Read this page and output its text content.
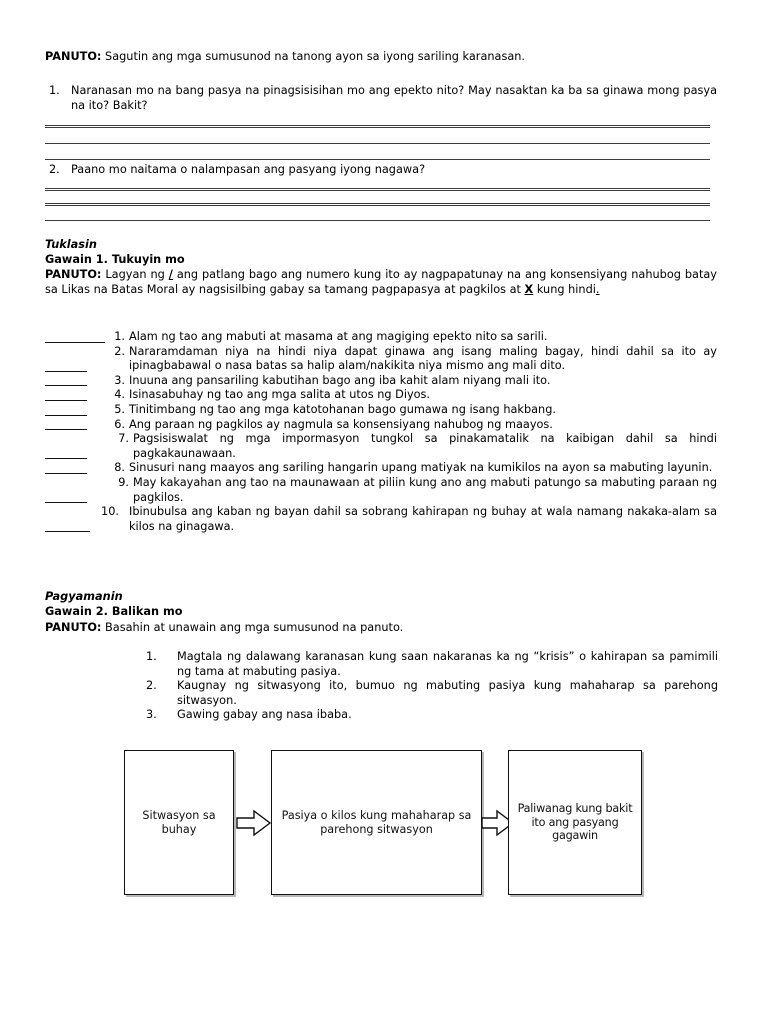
PANUTO: Sagutin ang mga sumusunod na tanong ayon sa iyong sariling karanasan.
1. Naranasan mo na bang pasya na pinagsisisihan mo ang epekto nito? May nasaktan ka ba sa ginawa mong pasya na ito? Bakit?
2. Paano mo naitama o nalampasan ang pasyang iyong nagawa?
Tuklasin
Gawain 1. Tukuyin mo
PANUTO: Lagyan ng / ang patlang bago ang numero kung ito ay nagpapatunay na ang konsensiyang nahubog batay sa Likas na Batas Moral ay nagsisilbing gabay sa tamang pagpapasya at pagkilos at X kung hindi.
1. Alam ng tao ang mabuti at masama at ang magiging epekto nito sa sarili.
2. Nararamdaman niya na hindi niya dapat ginawa ang isang maling bagay, hindi dahil sa ito ay ipinagbabawal o nasa batas sa halip alam/nakikita niya mismo ang mali dito.
3. Inuuna ang pansariling kabutihan bago ang iba kahit alam niyang mali ito.
4. Isinasabuhay ng tao ang mga salita at utos ng Diyos.
5. Tinitimbang ng tao ang mga katotohanan bago gumawa ng isang hakbang.
6. Ang paraan ng pagkilos ay nagmula sa konsensiyang nahubog ng maayos.
7. Pagsisiswalat ng mga impormasyon tungkol sa pinakamatalik na kaibigan dahil sa hindi pagkakaunawaan.
8. Sinusuri nang maayos ang sariling hangarin upang matiyak na kumikilos na ayon sa mabuting layunin.
9. May kakayahan ang tao na maunawaan at piliin kung ano ang mabuti patungo sa mabuting paraan ng pagkilos.
10. Ibinubulsa ang kaban ng bayan dahil sa sobrang kahirapan ng buhay at wala namang nakaka-alam sa kilos na ginagawa.
Pagyamanin
Gawain 2. Balikan mo
PANUTO: Basahin at unawain ang mga sumusunod na panuto.
1.	Magtala ng dalawang karanasan kung saan nakaranas ka ng “krisis” o kahirapan sa pamimili ng tama at mabuting pasiya.
2.	Kaugnay ng sitwasyong ito, bumuo ng mabuting pasiya kung mahaharap sa parehong sitwasyon.
3.	Gawing gabay ang nasa ibaba.
Sitwasyon sa buhay
Pasiya o kilos kung mahaharap sa parehong sitwasyon
Paliwanag kung bakit ito ang pasyang gagawin
